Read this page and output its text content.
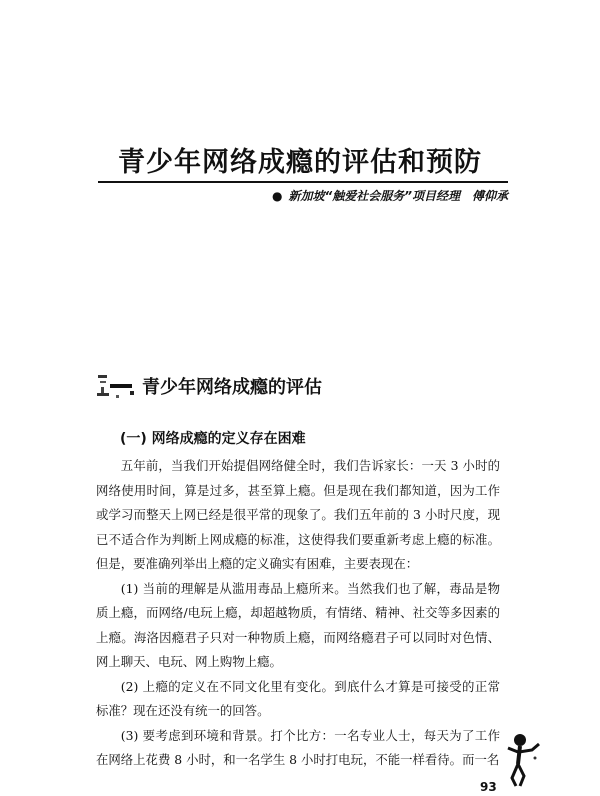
青少年网络成瘾的评估和预防
● 新加坡“触爱社会服务”项目经理 傅仰承
青少年网络成瘾的评估
(一) 网络成瘾的定义存在困难

五年前，当我们开始提倡网络健全时，我们告诉家长：一天 3 小时的网络使用时间，算是过多，甚至算上瘾。但是现在我们都知道，因为工作或学习而整天上网已经是很平常的现象了。我们五年前的 3 小时尺度，现已不适合作为判断上网成瘾的标准，这使得我们要重新考虑上瘾的标准。但是，要准确列举出上瘾的定义确实有困难，主要表现在：

(1) 当前的理解是从滥用毒品上瘾所来。当然我们也了解，毒品是物质上瘾，而网络/电玩上瘾，却超越物质，有情绪、精神、社交等多因素的上瘾。海洛因瘾君子只对一种物质上瘾，而网络瘾君子可以同时对色情、网上聊天、电玩、网上购物上瘾。

(2) 上瘾的定义在不同文化里有变化。到底什么才算是可接受的正常标准？现在还没有统一的回答。

(3) 要考虑到环境和背景。打个比方：一名专业人士，每天为了工作在网络上花费 8 小时，和一名学生 8 小时打电玩，不能一样看待。而一名

93
